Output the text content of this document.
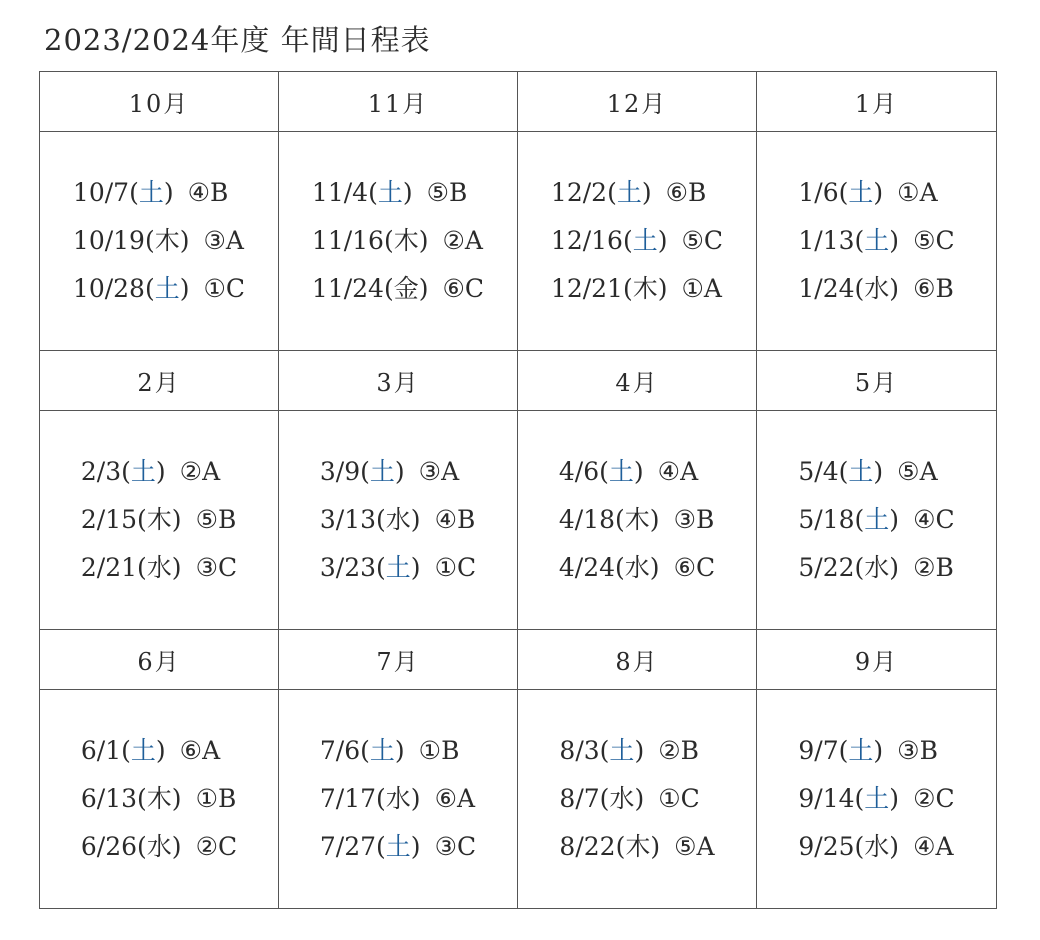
2023/2024年度 年間日程表
10月	11月	12月	1月
10/7 ( 土 ) ④B
10/19 ( 木 ) ③A
10/28 ( 土 ) ①C
11/4 ( 土 ) ⑤B
11/16 ( 木 ) ②A
11/24 ( 金 ) ⑥C
12/2 ( 土 ) ⑥B
12/16 ( 土 ) ⑤C
12/21 ( 木 ) ①A
1/6 ( 土 ) ①A
1/13 ( 土 ) ⑤C
1/24 ( 水 ) ⑥B
2月	3月	4月	5月
2/3 ( 土 ) ②A
2/15 ( 木 ) ⑤B
2/21 ( 水 ) ③C
3/9 ( 土 ) ③A
3/13 ( 水 ) ④B
3/23 ( 土 ) ①C
4/6 ( 土 ) ④A
4/18 ( 木 ) ③B
4/24 ( 水 ) ⑥C
5/4 ( 土 ) ⑤A
5/18 ( 土 ) ④C
5/22 ( 水 ) ②B
6月	7月	8月	9月
6/1 ( 土 ) ⑥A
6/13 ( 木 ) ①B
6/26 ( 水 ) ②C
7/6 ( 土 ) ①B
7/17 ( 水 ) ⑥A
7/27 ( 土 ) ③C
8/3 ( 土 ) ②B
8/7 ( 水 ) ①C
8/22 ( 木 ) ⑤A
9/7 ( 土 ) ③B
9/14 ( 土 ) ②C
9/25 ( 水 ) ④A
